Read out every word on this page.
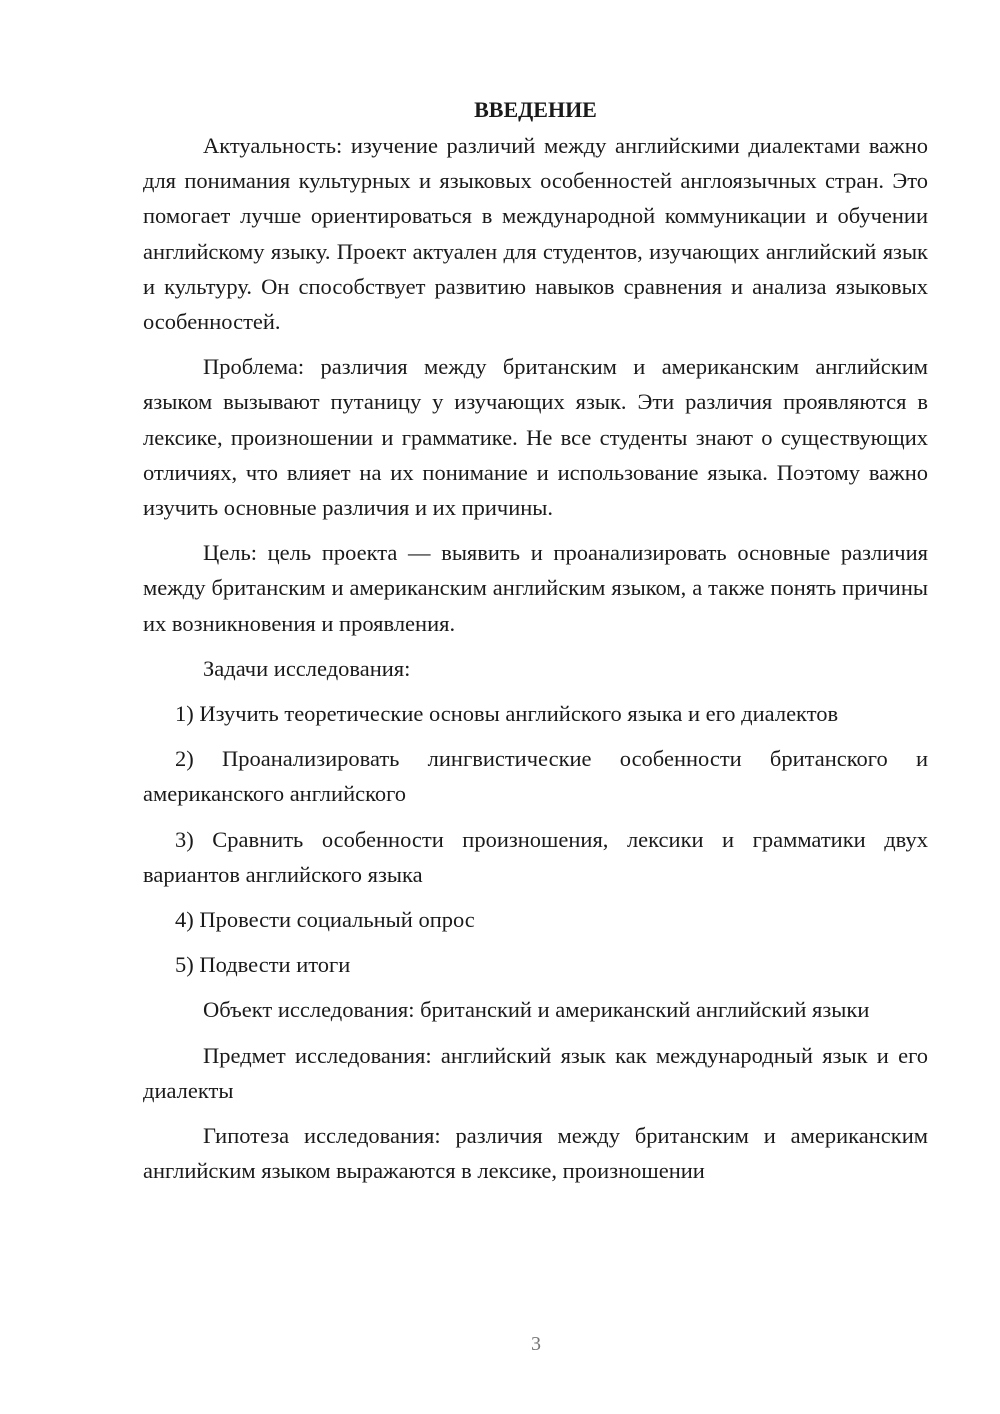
ВВЕДЕНИЕ

Актуальность: изучение различий между английскими диалектами важно для понимания культурных и языковых особенностей англоязычных стран. Это помогает лучше ориентироваться в международной коммуникации и обучении английскому языку. Проект актуален для студентов, изучающих английский язык и культуру. Он способствует развитию навыков сравнения и анализа языковых особенностей.

Проблема: различия между британским и американским английским языком вызывают путаницу у изучающих язык. Эти различия проявляются в лексике, произношении и грамматике. Не все студенты знают о существующих отличиях, что влияет на их понимание и использование языка. Поэтому важно изучить основные различия и их причины.

Цель: цель проекта — выявить и проанализировать основные различия между британским и американским английским языком, а также понять причины их возникновения и проявления.

Задачи исследования:

1) Изучить теоретические основы английского языка и его диалектов

2) Проанализировать лингвистические особенности британского и американского английского

3) Сравнить особенности произношения, лексики и грамматики двух вариантов английского языка

4) Провести социальный опрос

5) Подвести итоги

Объект исследования: британский и американский английский языки

Предмет исследования: английский язык как международный язык и его диалекты

Гипотеза исследования: различия между британским и американским английским языком выражаются в лексике, произношении

3
